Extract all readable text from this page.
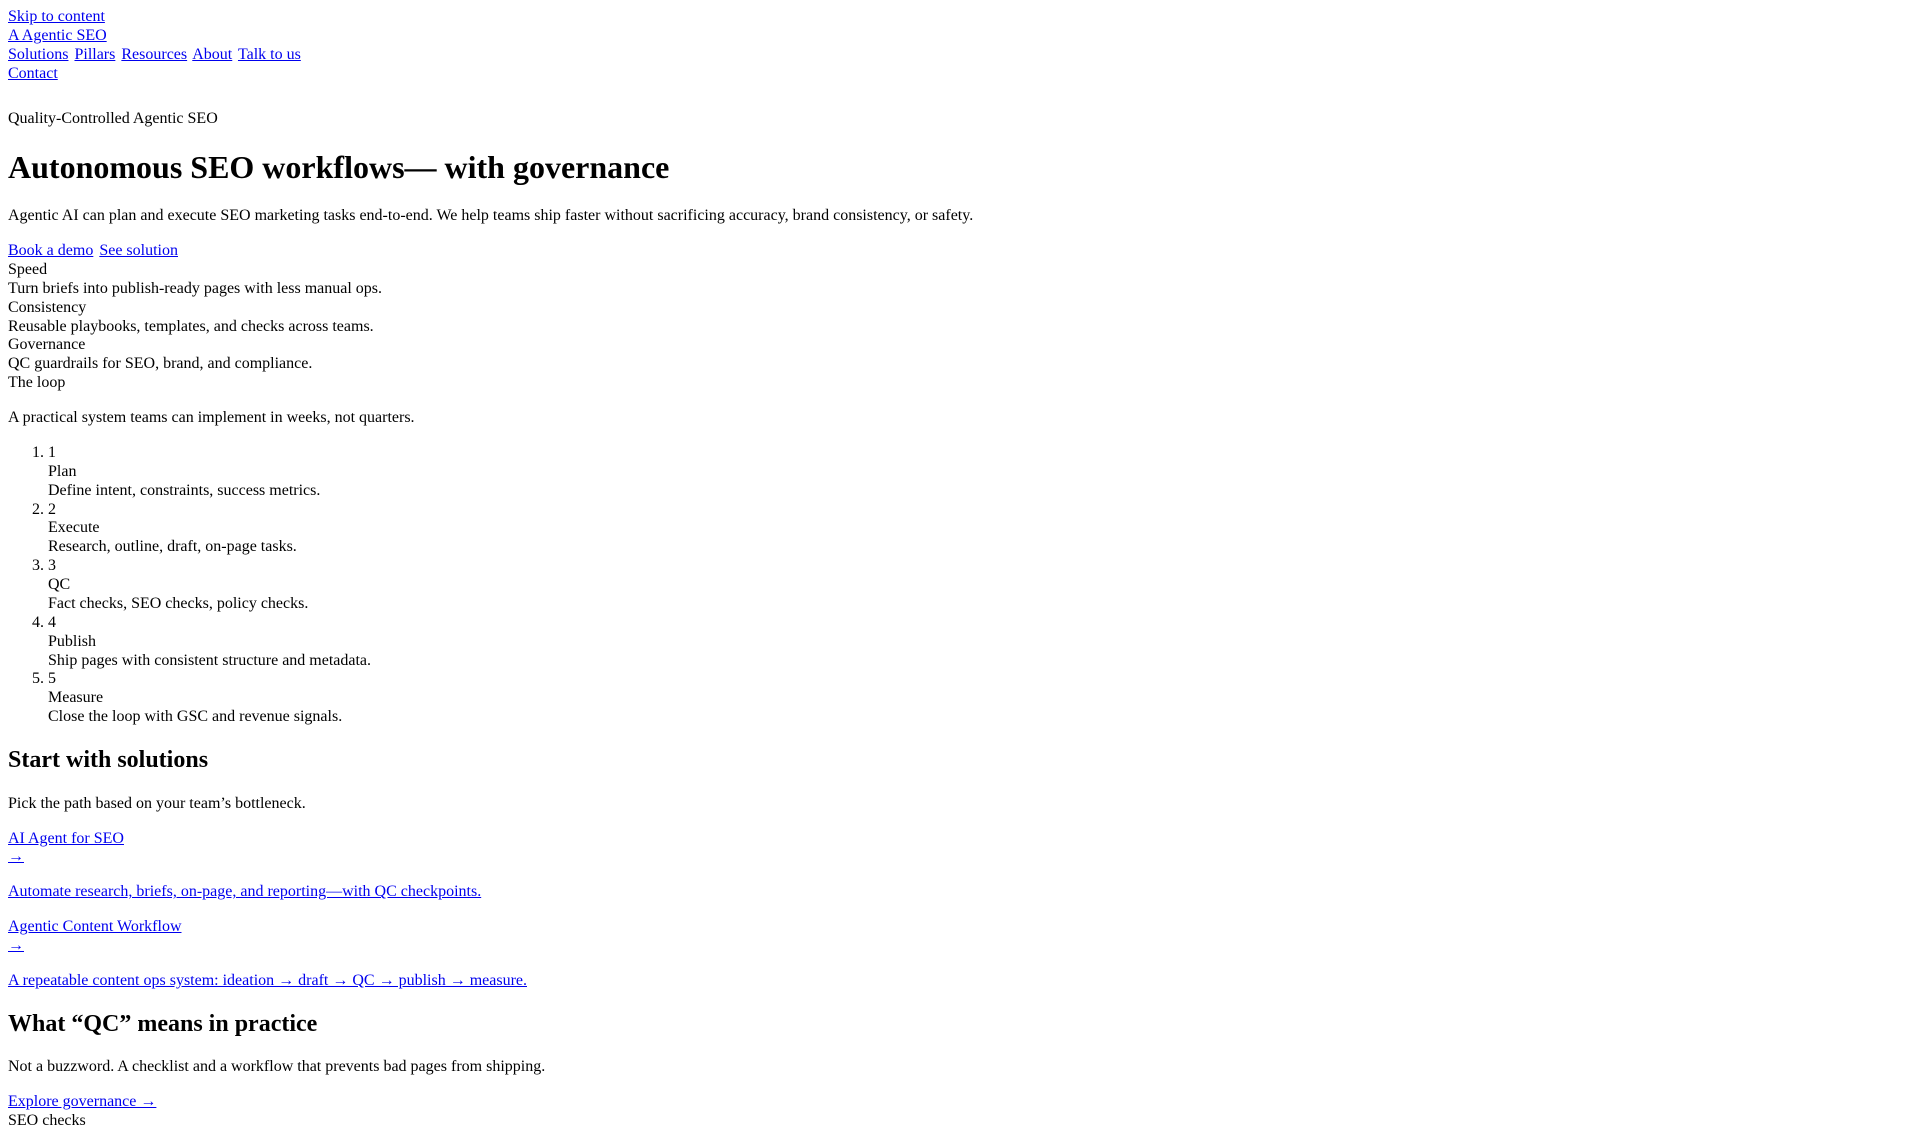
Skip to content
A Agentic SEO
Solutions Pillars Resources About Talk to us
Contact

Quality-Controlled Agentic SEO

Autonomous SEO workflows— with governance

Agentic AI can plan and execute SEO marketing tasks end-to-end. We help teams ship faster without sacrificing accuracy, brand consistency, or safety.

Book a demo See solution

Speed

Turn briefs into publish-ready pages with less manual ops.

Consistency

Reusable playbooks, templates, and checks across teams.

Governance

QC guardrails for SEO, brand, and compliance.

The loop

A practical system teams can implement in weeks, not quarters.

1. 1
Plan
Define intent, constraints, success metrics.
2. 2
Execute
Research, outline, draft, on-page tasks.
3. 3
QC
Fact checks, SEO checks, policy checks.
4. 4
Publish
Ship pages with consistent structure and metadata.
5. 5
Measure
Close the loop with GSC and revenue signals.
Start with solutions

Pick the path based on your team’s bottleneck.

AI Agent for SEO
→

Automate research, briefs, on-page, and reporting—with QC checkpoints.

Agentic Content Workflow
→

A repeatable content ops system: ideation → draft → QC → publish → measure.

What “QC” means in practice

Not a buzzword. A checklist and a workflow that prevents bad pages from shipping.

Explore governance →

SEO checks
